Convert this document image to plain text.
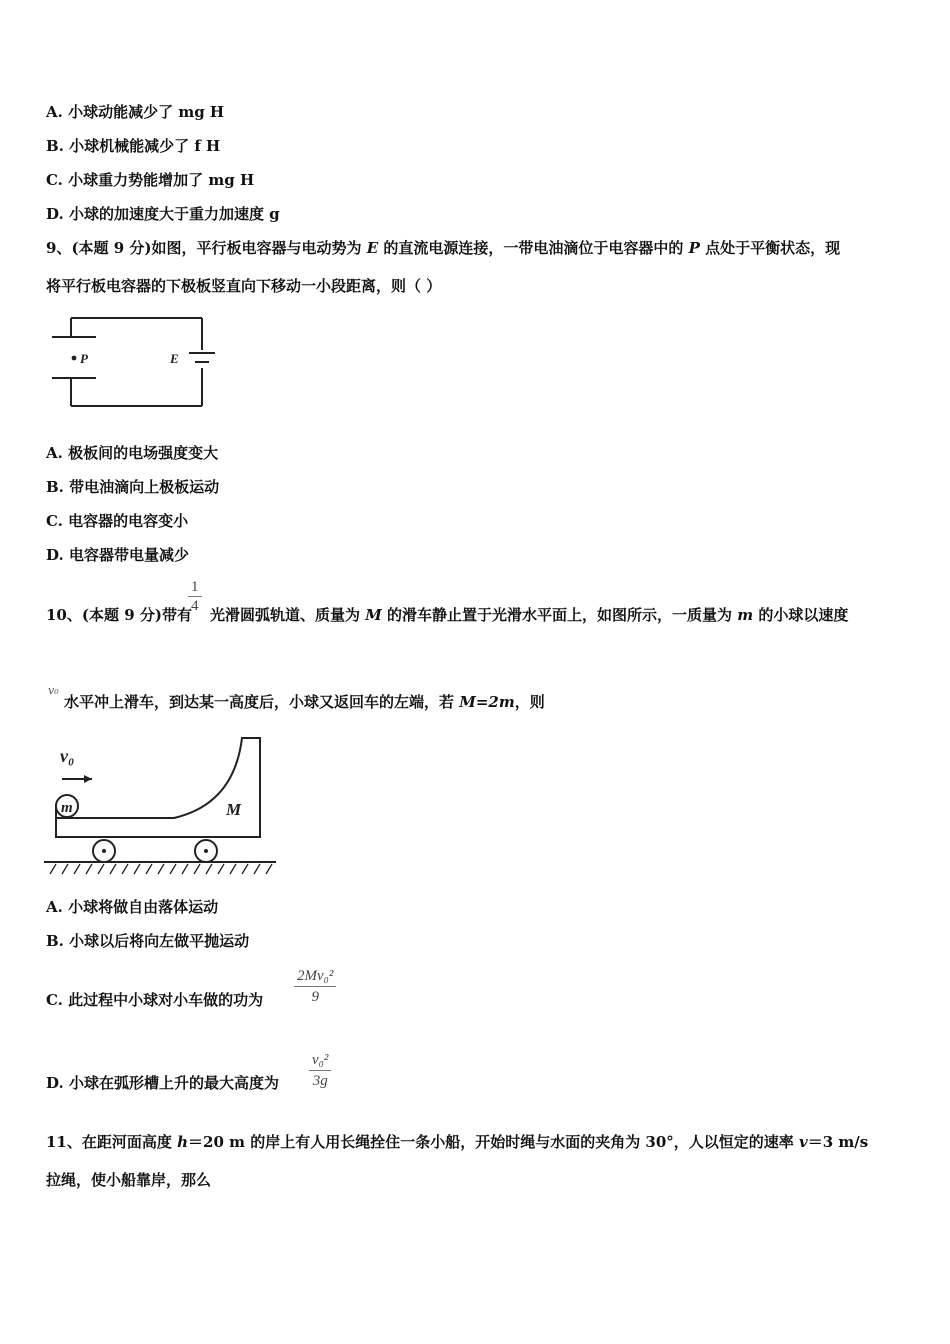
A. 小球动能减少了 mg H
B. 小球机械能减少了 f H
C. 小球重力势能增加了 mg H
D. 小球的加速度大于重力加速度 g
9、(本题 9 分)如图，平行板电容器与电动势为 E 的直流电源连接，一带电油滴位于电容器中的 P 点处于平衡状态，现
将平行板电容器的下极板竖直向下移动一小段距离，则（ ）
P	E
A. 极板间的电场强度变大
B. 带电油滴向上极板运动
C. 电容器的电容变小
D. 电容器带电量减少
10、(本题 9 分)带有 光滑圆弧轨道、质量为 M 的滑车静止置于光滑水平面上，如图所示，一质量为 m 的小球以速度
$\frac{1}{4}$
v₀
水平冲上滑车，到达某一高度后，小球又返回车的左端，若 M=2m，则
v₀
m	M
A. 小球将做自由落体运动
B. 小球以后将向左做平抛运动
C. 此过程中小球对小车做的功为 $\frac{\text{2Mv₀²}}{9}$
D. 小球在弧形槽上升的最大高度为 $\frac{\text{v₀²}}{3g}$
11、在距河面高度 h＝20 m 的岸上有人用长绳拴住一条小船，开始时绳与水面的夹角为 30°，人以恒定的速率 v＝3 m/s
拉绳，使小船靠岸，那么
